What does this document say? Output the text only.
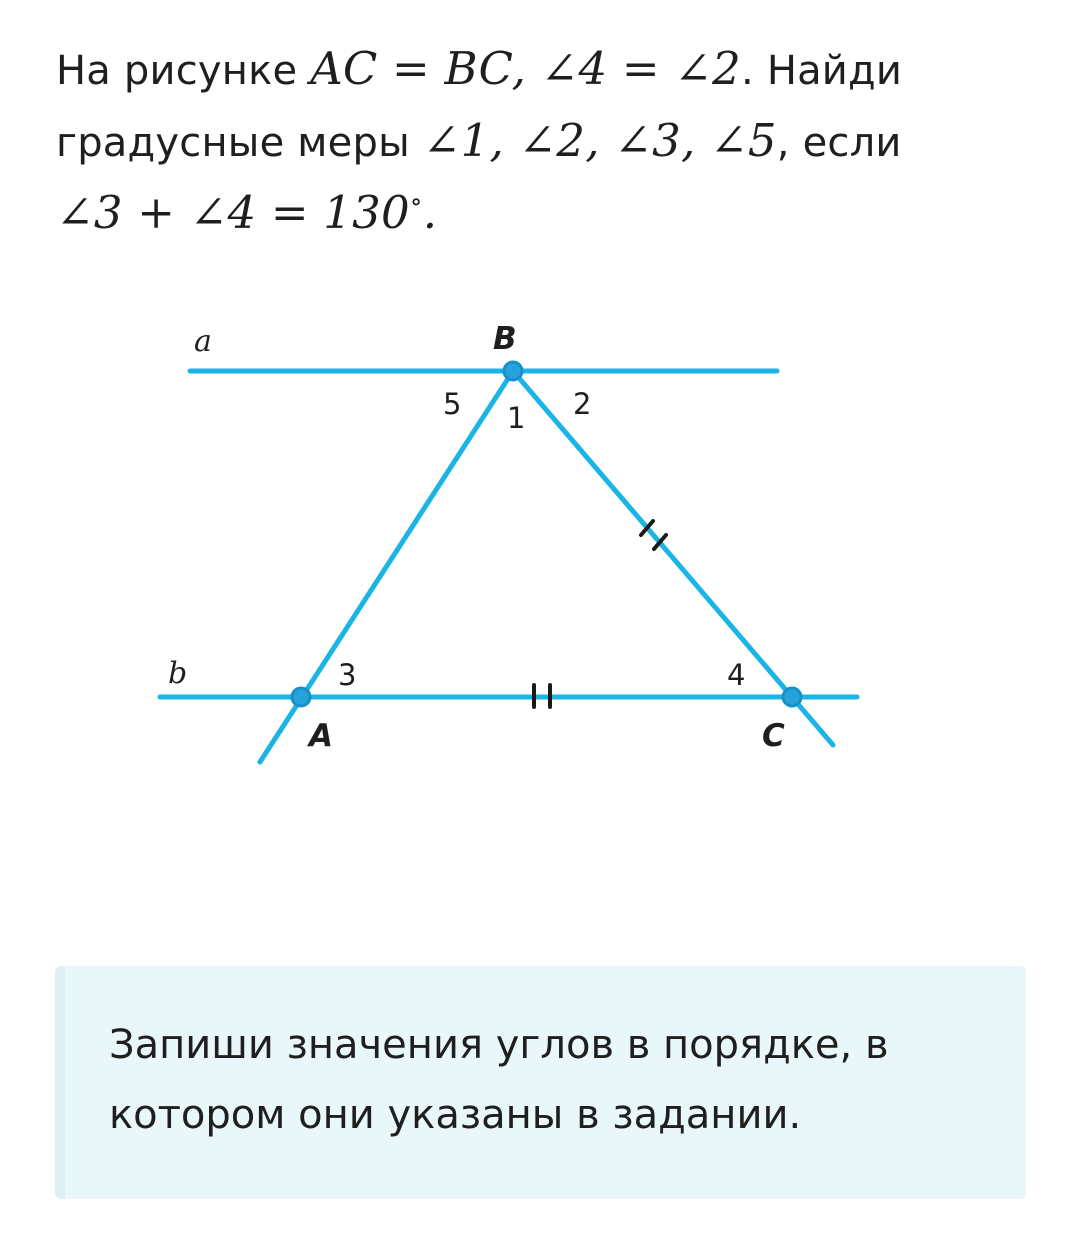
На рисунке AC = BC, ∠4 = ∠2. Найди градусные меры ∠1, ∠2, ∠3, ∠5, если
∠3 + ∠4 = 130∘.
a
b
B
A	C
1 2
3	4
5
Запиши значения углов в порядке, в котором они указаны в задании.
